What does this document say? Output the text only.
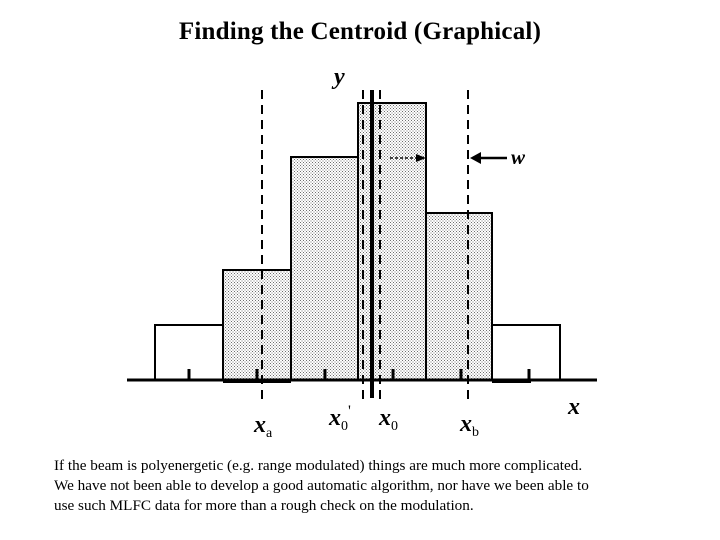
Finding the Centroid (Graphical)
y
w
x
$x_a$
$x_0'$ $x_0$	$x_b$

If the beam is polyenergetic (e.g. range modulated) things are much more complicated.

We have not been able to develop a good automatic algorithm, nor have we been able to

use such MLFC data for more than a rough check on the modulation.
